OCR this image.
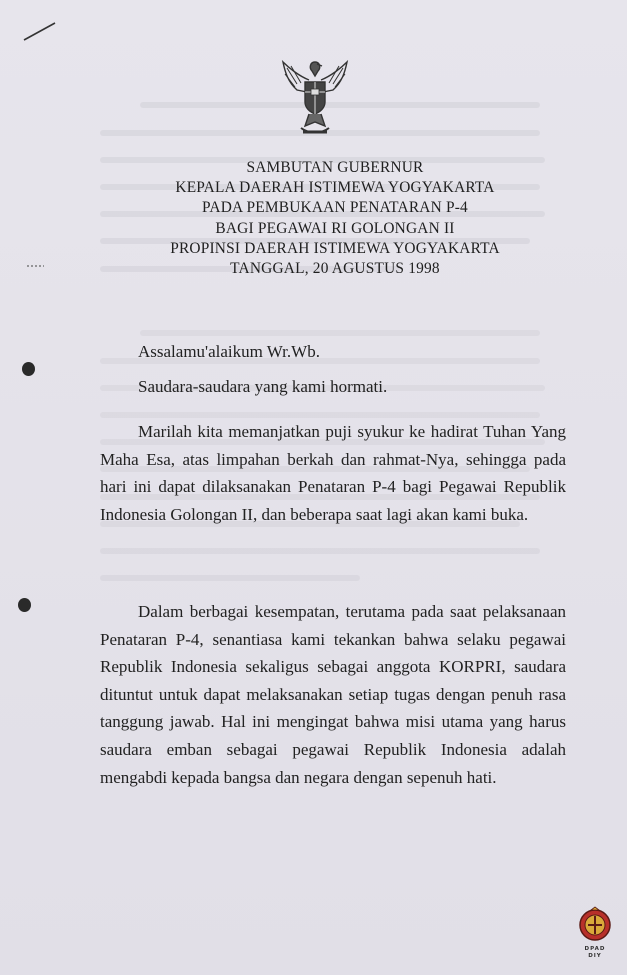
SAMBUTAN GUBERNUR
KEPALA DAERAH ISTIMEWA YOGYAKARTA
PADA PEMBUKAAN PENATARAN P-4
BAGI PEGAWAI RI GOLONGAN II
PROPINSI DAERAH ISTIMEWA YOGYAKARTA
TANGGAL, 20 AGUSTUS 1998
Assalamu'alaikum Wr.Wb.
Saudara-saudara yang kami hormati.
Marilah kita memanjatkan puji syukur ke hadirat Tuhan Yang Maha Esa, atas limpahan berkah dan rahmat-Nya, sehingga pada hari ini dapat dilaksanakan Penataran P-4 bagi Pegawai Republik Indonesia Golongan II, dan beberapa saat lagi akan kami buka.
Dalam berbagai kesempatan, terutama pada saat pelaksanaan Penataran P-4, senantiasa kami tekankan bahwa selaku pegawai Republik Indonesia sekaligus sebagai anggota KORPRI, saudara dituntut untuk dapat melaksanakan setiap tugas dengan penuh rasa tanggung jawab. Hal ini mengingat bahwa misi utama yang harus saudara emban sebagai pegawai Republik Indonesia adalah mengabdi kepada bangsa dan negara dengan sepenuh hati.
DPAD
DIY
